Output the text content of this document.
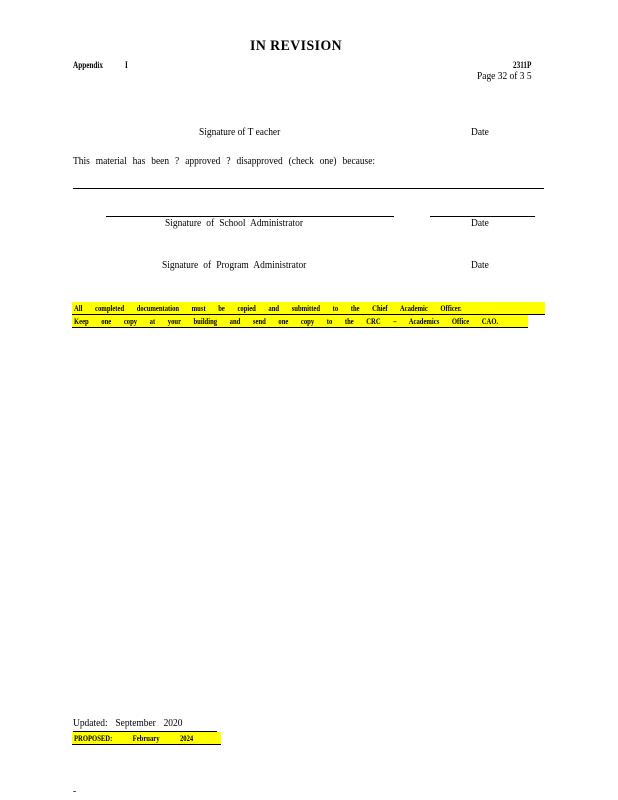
IN REVISION
Appendix I	2311P
Page 32 of 3 5
Signature of T eacher	Date
This material has been ? approved ? disapproved (check one) because:
Signature of School Administrator	Date
Signature of Program Administrator	Date
All completed documentation must be copied and submitted to the Chief Academic Officer.
Keep one copy at your building and send one copy to the CRC – Academics Office CAO.
Updated: September 2020
PROPOSED: February 2024
-
